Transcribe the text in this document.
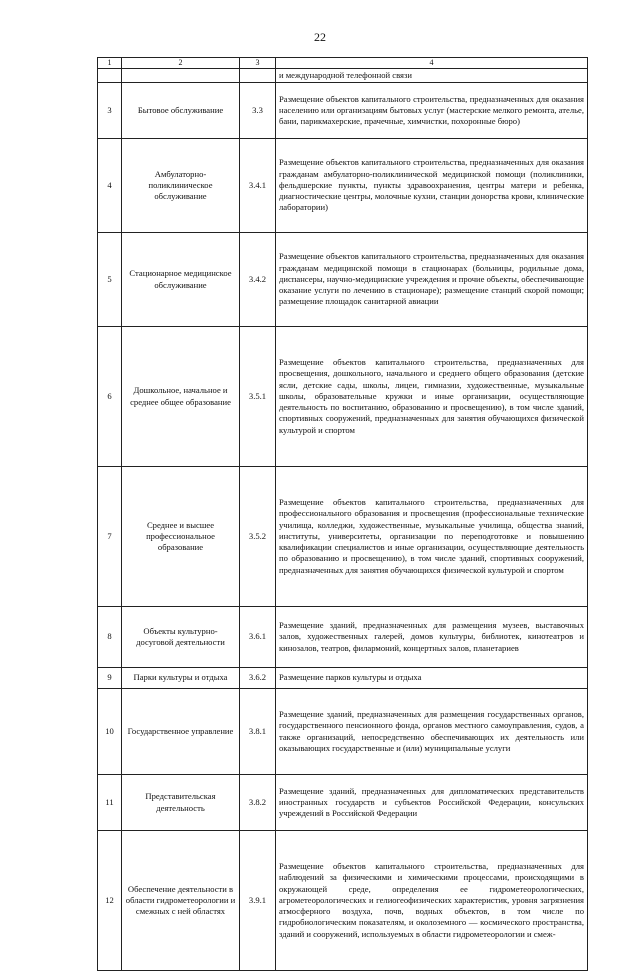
22
1	2	3	4
			и международной телефонной связи
3	Бытовое обслуживание	3.3	Размещение объектов капитального строительства, предназначенных для оказания населению или организациям бытовых услуг (мастерские мелкого ремонта, ателье, бани, парикмахерские, прачечные, химчистки, похоронные бюро)
4	Амбулаторно-поликлиническое обслуживание	3.4.1	Размещение объектов капитального строительства, предназначенных для оказания гражданам амбулаторно-поликлинической медицинской помощи (поликлиники, фельдшерские пункты, пункты здравоохранения, центры матери и ребенка, диагностические центры, молочные кухни, станции донорства крови, клинические лаборатории)
5	Стационарное медицинское обслуживание	3.4.2	Размещение объектов капитального строительства, предназначенных для оказания гражданам медицинской помощи в стационарах (больницы, родильные дома, диспансеры, научно-медицинские учреждения и прочие объекты, обеспечивающие оказание услуги по лечению в стационаре); размещение станций скорой помощи; размещение площадок санитарной авиации
6	Дошкольное, начальное и среднее общее образование	3.5.1	Размещение объектов капитального строительства, предназначенных для просвещения, дошкольного, начального и среднего общего образования (детские ясли, детские сады, школы, лицеи, гимназии, художественные, музыкальные школы, образовательные кружки и иные организации, осуществляющие деятельность по воспитанию, образованию и просвещению), в том числе зданий, спортивных сооружений, предназначенных для занятия обучающихся физической культурой и спортом
7	Среднее и высшее профессиональное образование	3.5.2	Размещение объектов капитального строительства, предназначенных для профессионального образования и просвещения (профессиональные технические училища, колледжи, художественные, музыкальные училища, общества знаний, институты, университеты, организации по переподготовке и повышению квалификации специалистов и иные организации, осуществляющие деятельность по образованию и просвещению), в том числе зданий, спортивных сооружений, предназначенных для занятия обучающихся физической культурой и спортом
8	Объекты культурно-досуговой деятельности	3.6.1	Размещение зданий, предназначенных для размещения музеев, выставочных залов, художественных галерей, домов культуры, библиотек, кинотеатров и кинозалов, театров, филармоний, концертных залов, планетариев
9	Парки культуры и отдыха	3.6.2	Размещение парков культуры и отдыха
10	Государственное управление	3.8.1	Размещение зданий, предназначенных для размещения государственных органов, государственного пенсионного фонда, органов местного самоуправления, судов, а также организаций, непосредственно обеспечивающих их деятельность или оказывающих государственные и (или) муниципальные услуги
11	Представительская деятельность	3.8.2	Размещение зданий, предназначенных для дипломатических представительств иностранных государств и субъектов Российской Федерации, консульских учреждений в Российской Федерации
12	Обеспечение деятельности в области гидрометеорологии и смежных с ней областях	3.9.1	Размещение объектов капитального строительства, предназначенных для наблюдений за физическими и химическими процессами, происходящими в окружающей среде, определения ее гидрометеорологических, агрометеорологических и гелиогеофизических характеристик, уровня загрязнения атмосферного воздуха, почв, водных объектов, в том числе по гидробиологическим показателям, и околоземного — космического пространства, зданий и сооружений, используемых в области гидрометеорологии и смеж-
